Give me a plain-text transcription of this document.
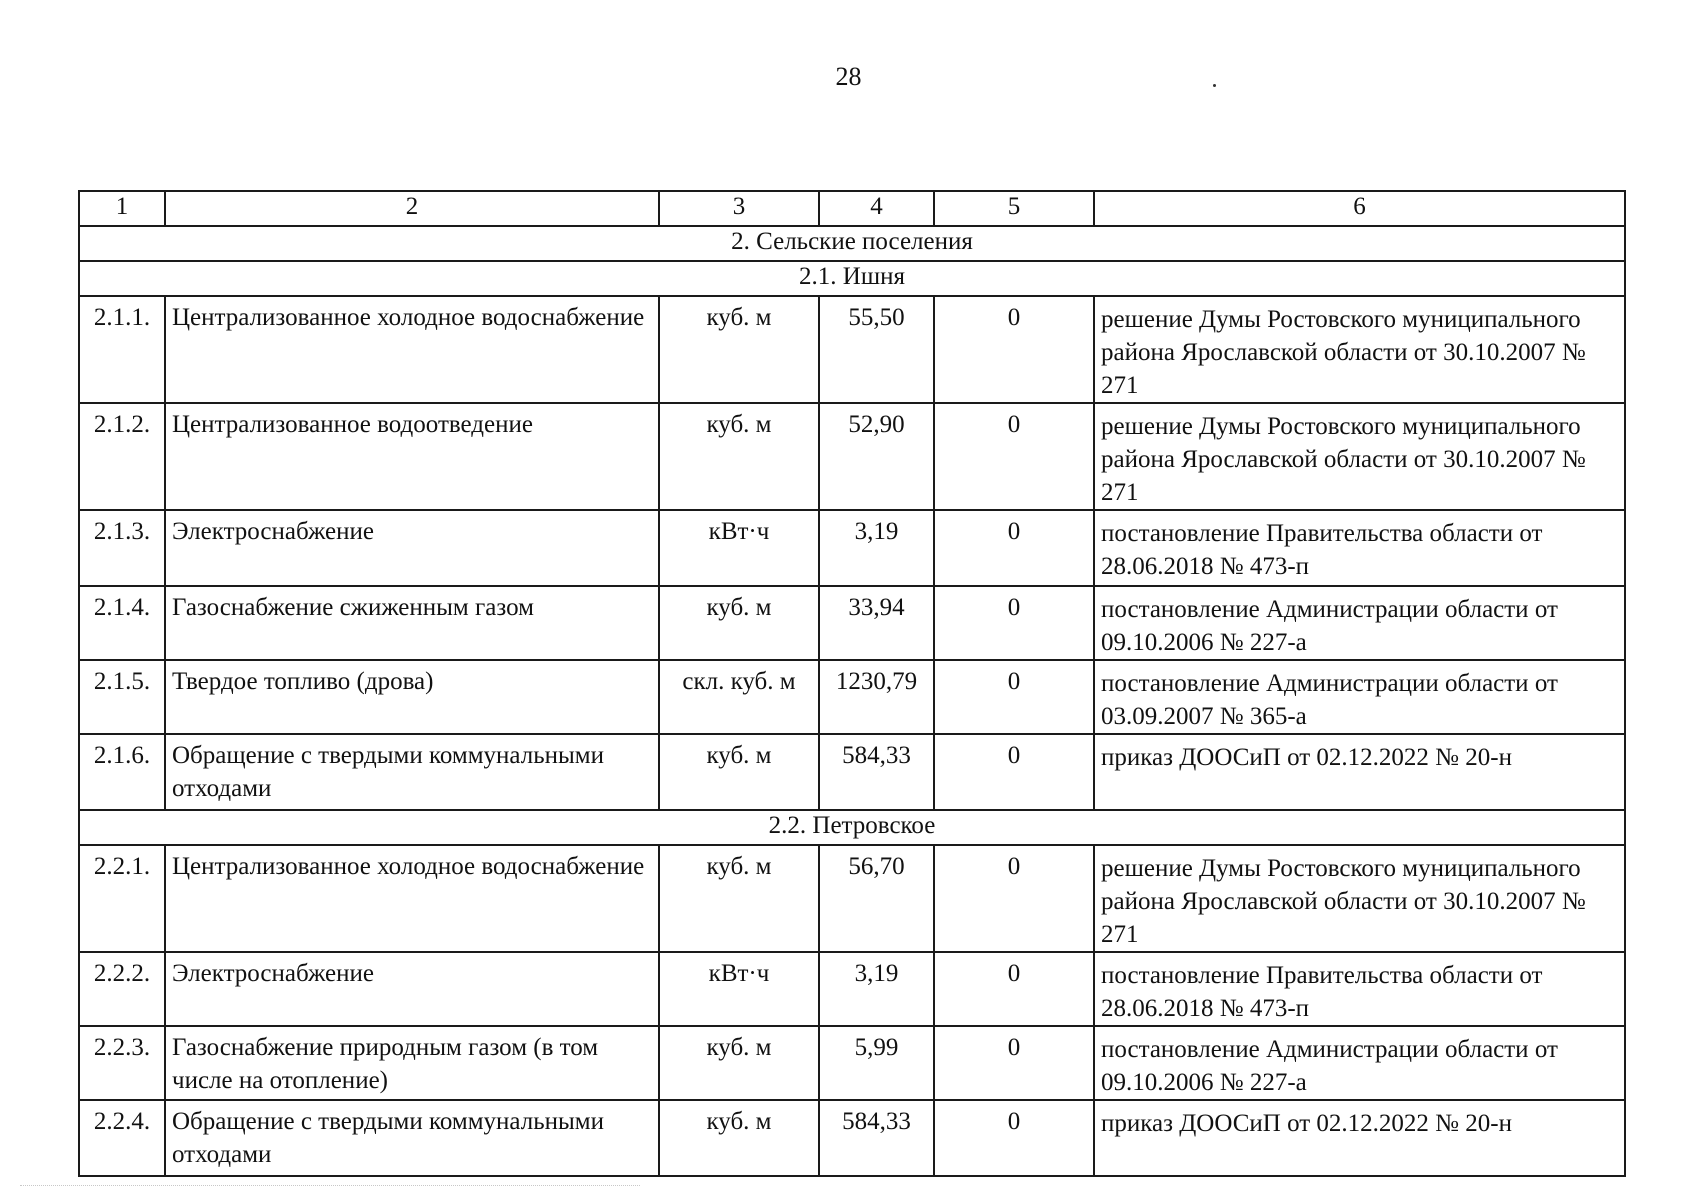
28
1	2	3	4	5	6
2. Сельские поселения					
2.1. Ишня					
2.1.1.	Централизованное холодное водоснабжение	куб. м	55,50	0	решение Думы Ростовского муниципального района Ярославской области от 30.10.2007 № 271
2.1.2.	Централизованное водоотведение	куб. м	52,90	0	решение Думы Ростовского муниципального района Ярославской области от 30.10.2007 № 271
2.1.3.	Электроснабжение	кВт·ч	3,19	0	постановление Правительства области от 28.06.2018 № 473-п
2.1.4.	Газоснабжение сжиженным газом	куб. м	33,94	0	постановление Администрации области от 09.10.2006 № 227-а
2.1.5.	Твердое топливо (дрова)	скл. куб. м	1230,79	0	постановление Администрации области от 03.09.2007 № 365-а
2.1.6.	Обращение с твердыми коммунальными отходами	куб. м	584,33	0	приказ ДООСиП от 02.12.2022 № 20-н
2.2. Петровское					
2.2.1.	Централизованное холодное водоснабжение	куб. м	56,70	0	решение Думы Ростовского муниципального района Ярославской области от 30.10.2007 № 271
2.2.2.	Электроснабжение	кВт·ч	3,19	0	постановление Правительства области от 28.06.2018 № 473-п
2.2.3.	Газоснабжение природным газом (в том числе на отопление)	куб. м	5,99	0	постановление Администрации области от 09.10.2006 № 227-а
2.2.4.	Обращение с твердыми коммунальными отходами	куб. м	584,33	0	приказ ДООСиП от 02.12.2022 № 20-н
